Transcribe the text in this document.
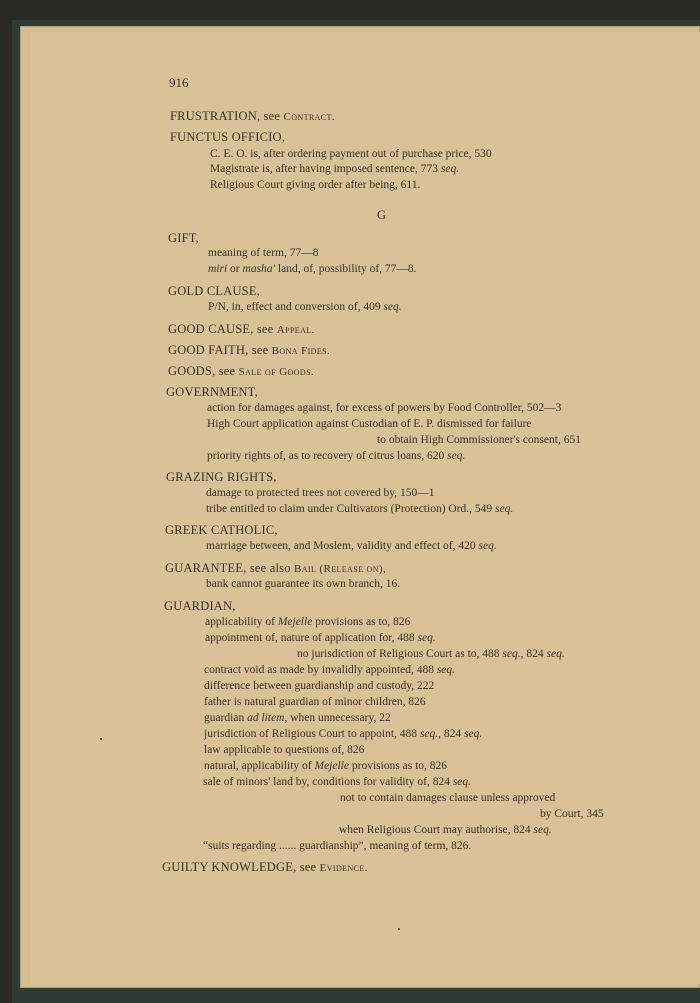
916
FRUSTRATION, see Contract.
FUNCTUS OFFICIO,
C. E. O. is, after ordering payment out of purchase price, 530
Magistrate is, after having imposed sentence, 773 seq.
Religious Court giving order after being, 611.
G
GIFT,
meaning of term, 77—8
miri or masha' land, of, possibility of, 77—8.
GOLD CLAUSE,
P/N, in, effect and conversion of, 409 seq.
GOOD CAUSE, see Appeal.
GOOD FAITH, see Bona Fides.
GOODS, see Sale of Goods.
GOVERNMENT,
action for damages against, for excess of powers by Food Controller, 502—3
High Court application against Custodian of E. P. dismissed for failure
to obtain High Commissioner's consent, 651
priority rights of, as to recovery of citrus loans, 620 seq.
GRAZING RIGHTS,
damage to protected trees not covered by, 150—1
tribe entitled to claim under Cultivators (Protection) Ord., 549 seq.
GREEK CATHOLIC,
marriage between, and Moslem, validity and effect of, 420 seq.
GUARANTEE, see also Bail (Release on),
bank cannot guarantee its own branch, 16.
GUARDIAN,
applicability of Mejelle provisions as to, 826
appointment of, nature of application for, 488 seq.
no jurisdiction of Religious Court as to, 488 seq., 824 seq.
contract void as made by invalidly appointed, 488 seq.
difference between guardianship and custody, 222
father is natural guardian of minor children, 826
guardian ad litem, when unnecessary, 22
jurisdiction of Religious Court to appoint, 488 seq., 824 seq.
law applicable to questions of, 826
natural, applicability of Mejelle provisions as to, 826
sale of minors' land by, conditions for validity of, 824 seq.
not to contain damages clause unless approved
by Court, 345
when Religious Court may authorise, 824 seq.
“suits regarding ...... guardianship”, meaning of term, 826.
GUILTY KNOWLEDGE, see Evidence.
